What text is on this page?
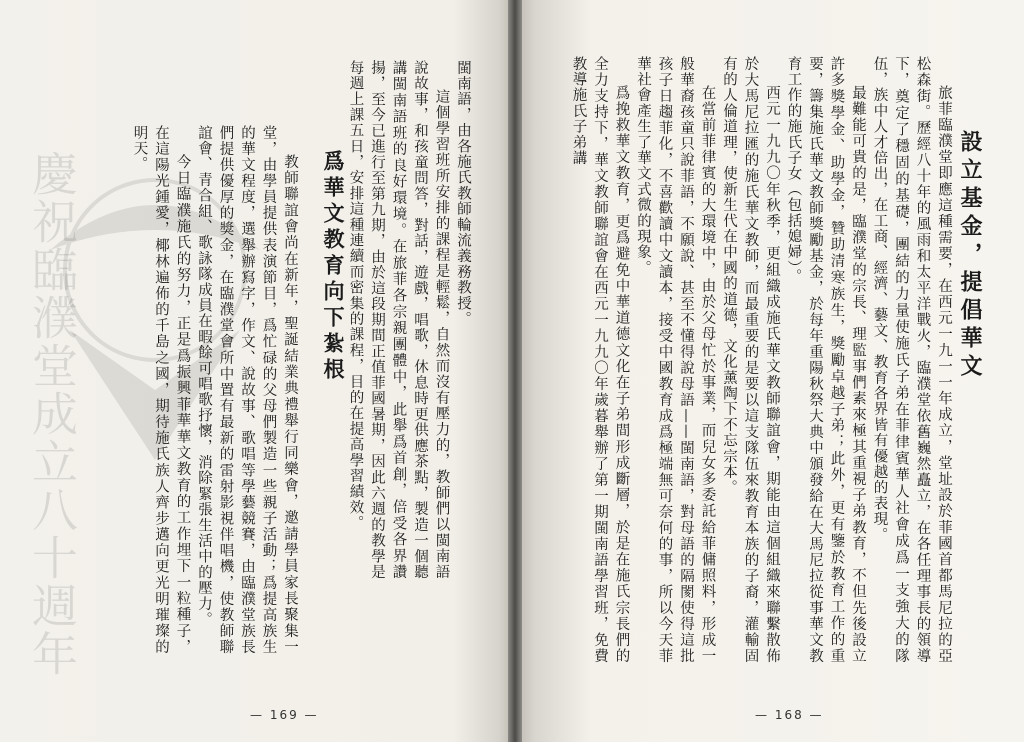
設立基金，提倡華文

旅菲臨濮堂即應這種需要，在西元一九一一年成立，堂址設於菲國首都馬尼拉的亞松森街。歷經八十年的風雨和太平洋戰火，臨濮堂依舊巍然矗立，在各任理事長的領導下，奠定了穩固的基礎，團結的力量使施氏子弟在菲律賓華人社會成爲一支強大的隊伍，族中人才倍出，在工商、經濟、藝文、教育各界皆有優越的表現。

最難能可貴的是，臨濮堂的宗長、理監事們素來極其重視子弟教育，不但先後設立許多獎學金、助學金，贊助清寒族生，獎勵卓越子弟；此外，更有鑒於教育工作的重要，籌集施氏華文教師獎勵基金，於每年重陽秋祭大典中頒發給在大馬尼拉從事華文教育工作的施氏子女（包括媳婦）。

西元一九九〇年秋季，更組織成施氏華文教師聯誼會，期能由這個組織來聯繫散佈於大馬尼拉匯的施氏華文教師，而最重要的是要以這支隊伍來教育本族的子裔，灌輸固有的人倫道理，使新生代在中國的道德，文化薰陶下不忘宗本。

在當前菲律賓的大環境中，由於父母忙於事業，而兒女多委託給菲傭照料，形成一般華裔孩童只說菲語，不願說、甚至不懂得說母語——閩南語，對母語的隔閡使得這批孩子日趨菲化，不喜歡讀中文讀本，接受中國教育成爲極端無可奈何的事，所以今天菲華社會產生了華文式微的現象。

爲挽救華文教育，更爲避免中華道德文化在子弟間形成斷層，於是在施氏宗長們的全力支持下，華文教師聯誼會在西元一九九〇年歲暮舉辦了第一期閩南語學習班，免費教導施氏子弟講

— 168 —
慶祝臨濮堂成立八十週年	閩南語，由各施氏教師輪流義務教授。

這個學習班所安排的課程是輕鬆，自然而沒有壓力的，教師們以閩南語說故事，和孩童問答，對話，遊戲，唱歌，休息時更供應茶點，製造一個聽講閩南語班的良好環境。在旅菲各宗親團體中，此舉爲首創，倍受各界讚揚，至今已進行至第九期，由於這段期間正值菲國暑期，因此六週的教學是每週上課五日，安排這種連續而密集的課程，目的在提高學習績效。

爲華文教育向下紮根

教師聯誼會尚在新年，聖誕結業典禮舉行同樂會，邀請學員家長聚集一堂，由學員提供表演節目，爲忙碌的父母們製造一些親子活動；爲提高族生的華文程度，選舉辦寫字，作文、說故事、歌唱等學藝競賽，由臨濮堂族長們提供優厚的獎金，在臨濮堂會所中置有最新的雷射影視伴唱機，使教師聯誼會、青合組、歌詠隊成員在暇餘可唱歌抒懷，消除緊張生活中的壓力。

今日臨濮施氏的努力，正是爲振興菲華華文教育的工作埋下一粒種子，在這陽光鍾愛，椰林遍佈的千島之國，期待施氏族人齊步邁向更光明璀璨的明天。

— 169 —
